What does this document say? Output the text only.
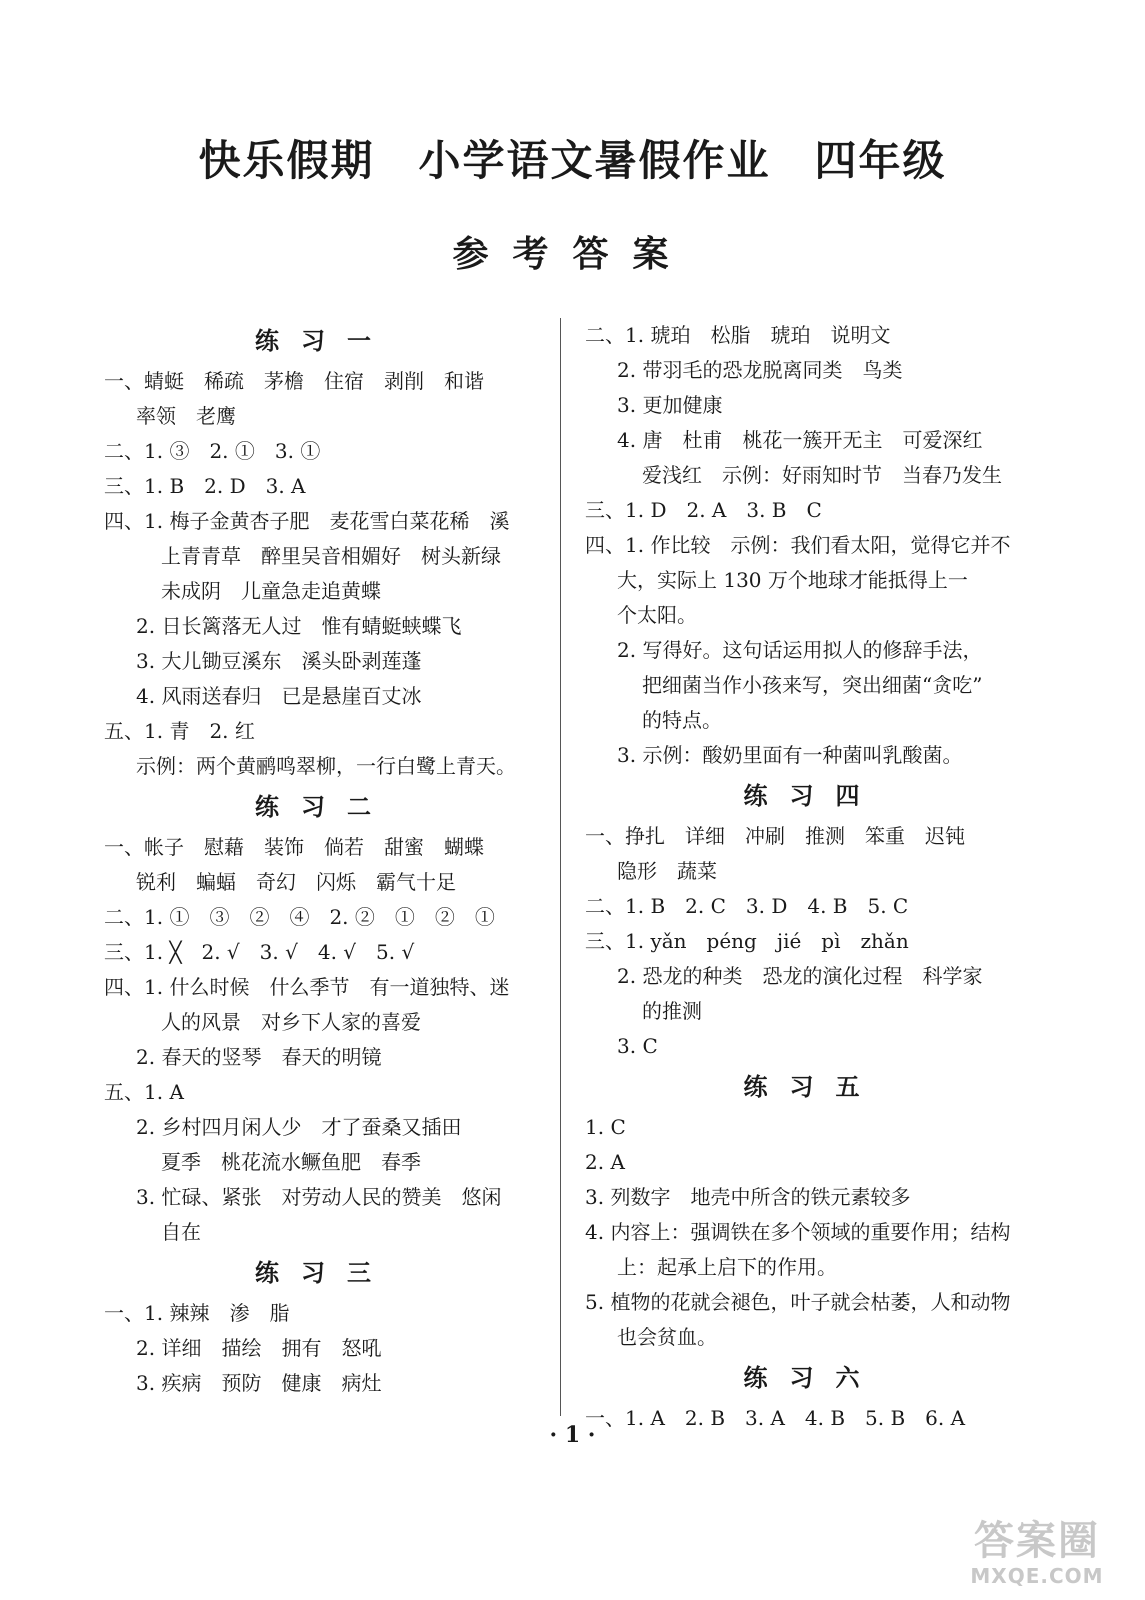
快乐假期　小学语文暑假作业　四年级
参考答案
练习一
一、蜻蜓　稀疏　茅檐　住宿　剥削　和谐
率领　老鹰
二、1. ③　2. ①　3. ①
三、1. B　2. D　3. A
四、1. 梅子金黄杏子肥　麦花雪白菜花稀　溪
上青青草　醉里吴音相媚好　树头新绿
未成阴　儿童急走追黄蝶
2. 日长篱落无人过　惟有蜻蜓蛱蝶飞
3. 大儿锄豆溪东　溪头卧剥莲蓬
4. 风雨送春归　已是悬崖百丈冰
五、1. 青　2. 红
示例：两个黄鹂鸣翠柳，一行白鹭上青天。
练习二
一、帐子　慰藉　装饰　倘若　甜蜜　蝴蝶
锐利　蝙蝠　奇幻　闪烁　霸气十足
二、1. ①　③　②　④　2. ②　①　②　①
三、1. ╳　2. √　3. √　4. √　5. √
四、1. 什么时候　什么季节　有一道独特、迷
人的风景　对乡下人家的喜爱
2. 春天的竖琴　春天的明镜
五、1. A
2. 乡村四月闲人少　才了蚕桑又插田
夏季　桃花流水鳜鱼肥　春季
3. 忙碌、紧张　对劳动人民的赞美　悠闲
自在
练习三
一、1. 辣辣　渗　脂
2. 详细　描绘　拥有　怒吼
3. 疾病　预防　健康　病灶
二、1. 琥珀　松脂　琥珀　说明文
2. 带羽毛的恐龙脱离同类　鸟类
3. 更加健康
4. 唐　杜甫　桃花一簇开无主　可爱深红
爱浅红　示例：好雨知时节　当春乃发生
三、1. D　2. A　3. B　C
四、1. 作比较　示例：我们看太阳，觉得它并不
大，实际上 130 万个地球才能抵得上一
个太阳。
2. 写得好。这句话运用拟人的修辞手法，
把细菌当作小孩来写，突出细菌“贪吃”
的特点。
3. 示例：酸奶里面有一种菌叫乳酸菌。
练习四
一、挣扎　详细　冲刷　推测　笨重　迟钝
隐形　蔬菜
二、1. B　2. C　3. D　4. B　5. C
三、1. yǎn　péng　jié　pì　zhǎn
2. 恐龙的种类　恐龙的演化过程　科学家
的推测
3. C
练习五
1. C
2. A
3. 列数字　地壳中所含的铁元素较多
4. 内容上：强调铁在多个领域的重要作用；结构
上：起承上启下的作用。
5. 植物的花就会褪色，叶子就会枯萎，人和动物
也会贫血。
练习六
一、1. A　2. B　3. A　4. B　5. B　6. A
· 1 ·
答案圈
MXQE.COM
